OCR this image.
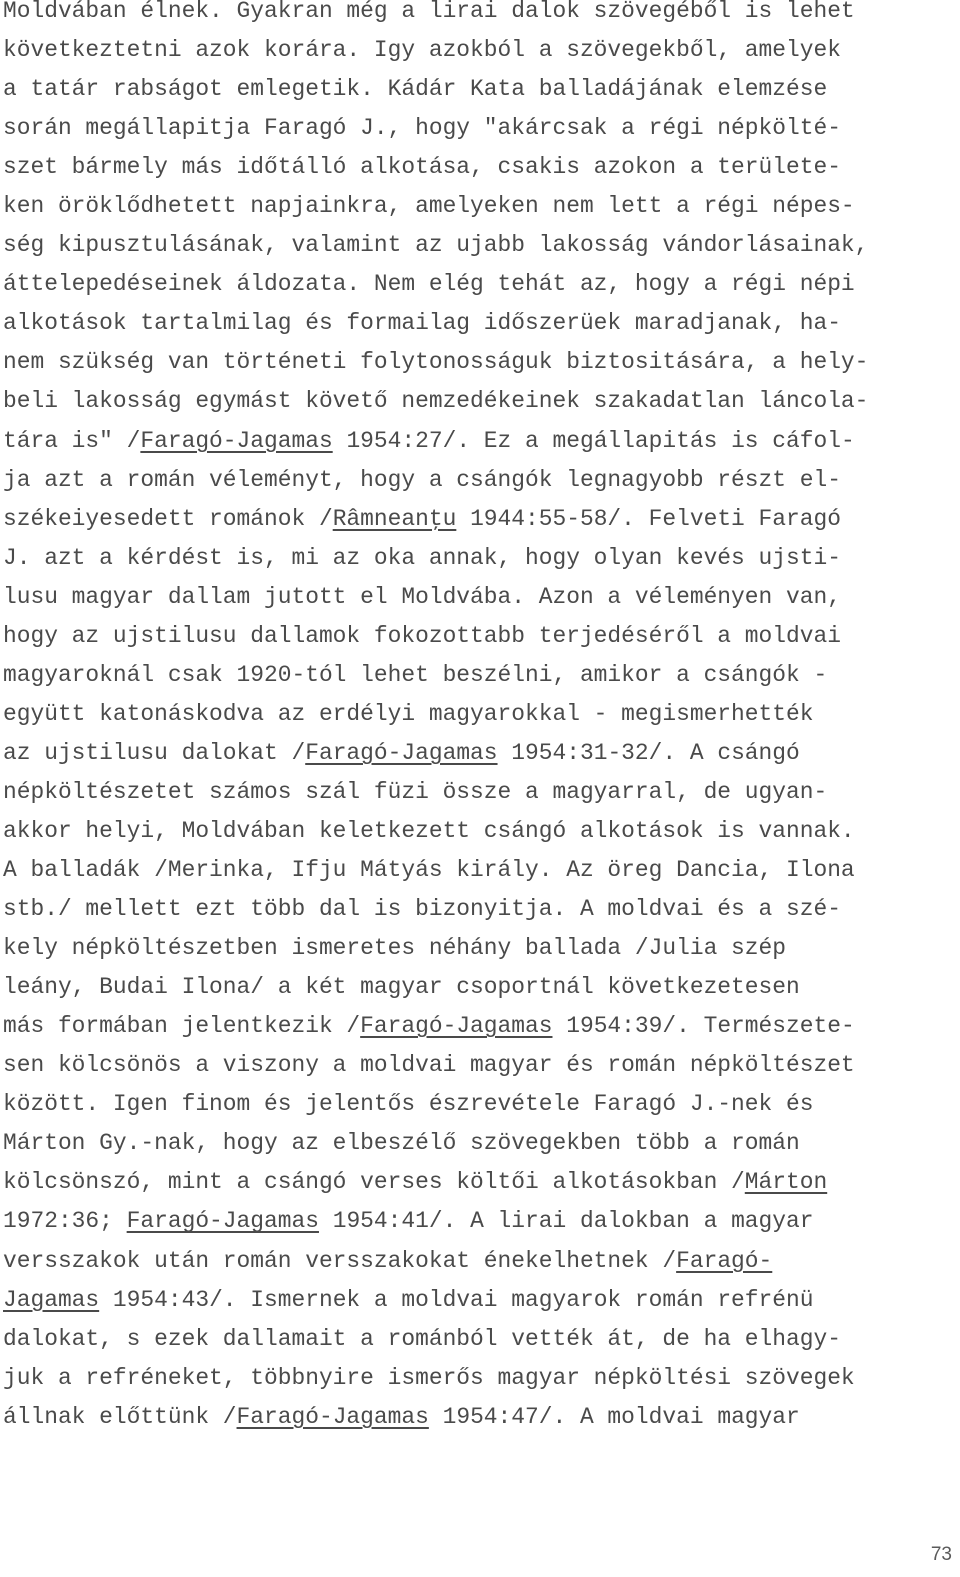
Moldvában élnek. Gyakran még a lirai dalok szövegéből is lehet
következtetni azok korára. Igy azokból a szövegekből, amelyek
a tatár rabságot emlegetik. Kádár Kata balladájának elemzése
során megállapitja Faragó J., hogy "akárcsak a régi népkölté-
szet bármely más időtálló alkotása, csakis azokon a területe-
ken öröklődhetett napjainkra, amelyeken nem lett a régi népes-
ség kipusztulásának, valamint az ujabb lakosság vándorlásainak,
áttelepedéseinek áldozata. Nem elég tehát az, hogy a régi népi
alkotások tartalmilag és formailag időszerüek maradjanak, ha-
nem szükség van történeti folytonosságuk biztositására, a hely-
beli lakosság egymást követő nemzedékeinek szakadatlan láncola-
tára is" /Faragó-Jagamas 1954:27/. Ez a megállapitás is cáfol-
ja azt a román véleményt, hogy a csángók legnagyobb részt el-
székeiyesedett románok /Râmneanţu 1944:55-58/. Felveti Faragó
J. azt a kérdést is, mi az oka annak, hogy olyan kevés ujsti-
lusu magyar dallam jutott el Moldvába. Azon a véleményen van,
hogy az ujstilusu dallamok fokozottabb terjedéséről a moldvai
magyaroknál csak 1920-tól lehet beszélni, amikor a csángók -
együtt katonáskodva az erdélyi magyarokkal - megismerhették
az ujstilusu dalokat /Faragó-Jagamas 1954:31-32/. A csángó
népköltészetet számos szál füzi össze a magyarral, de ugyan-
akkor helyi, Moldvában keletkezett csángó alkotások is vannak.
A balladák /Merinka, Ifju Mátyás király. Az öreg Dancia, Ilona
stb./ mellett ezt több dal is bizonyitja. A moldvai és a szé-
kely népköltészetben ismeretes néhány ballada /Julia szép
leány, Budai Ilona/ a két magyar csoportnál következetesen
más formában jelentkezik /Faragó-Jagamas 1954:39/. Természete-
sen kölcsönös a viszony a moldvai magyar és román népköltészet
között. Igen finom és jelentős észrevétele Faragó J.-nek és
Márton Gy.-nak, hogy az elbeszélő szövegekben több a román
kölcsönszó, mint a csángó verses költői alkotásokban /Márton
1972:36; Faragó-Jagamas 1954:41/. A lirai dalokban a magyar
versszakok után román versszakokat énekelhetnek /Faragó-
Jagamas 1954:43/. Ismernek a moldvai magyarok román refrénü
dalokat, s ezek dallamait a románból vették át, de ha elhagy-
juk a refréneket, többnyire ismerős magyar népköltési szövegek
állnak előttünk /Faragó-Jagamas 1954:47/. A moldvai magyar
73
